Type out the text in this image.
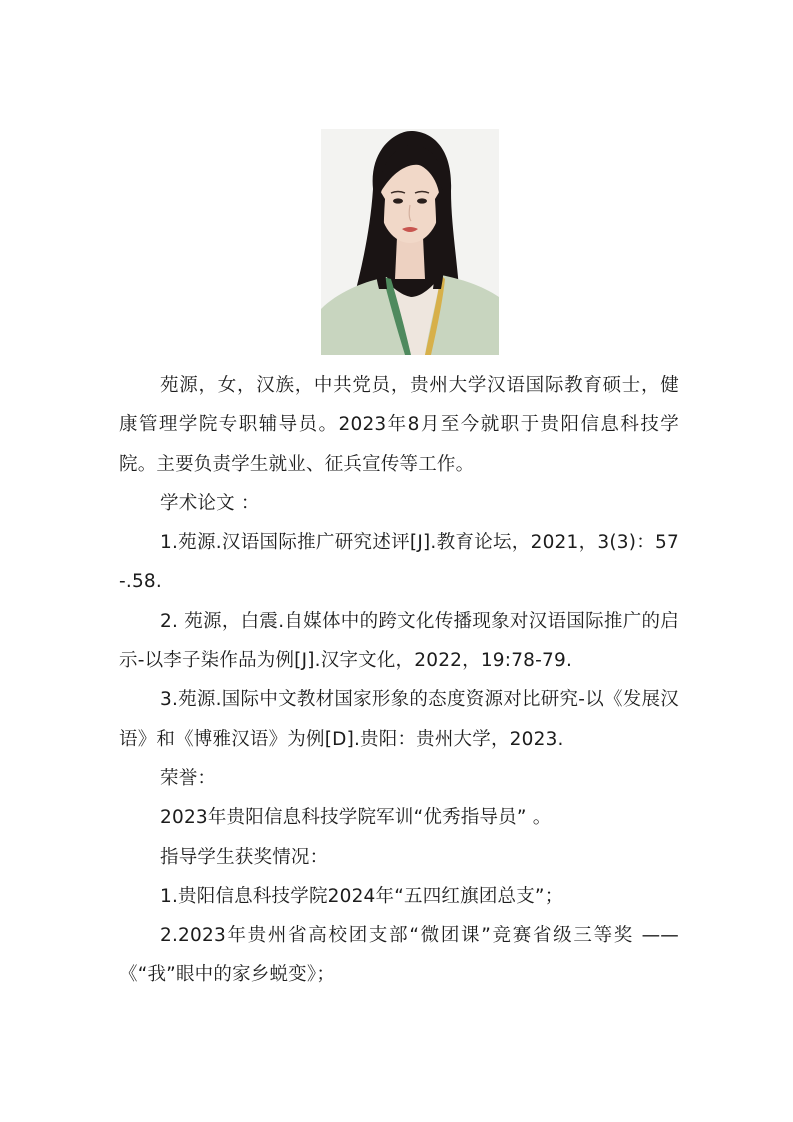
苑源，女，汉族，中共党员，贵州大学汉语国际教育硕士，健康管理学院专职辅导员。2023年8月至今就职于贵阳信息科技学院。主要负责学生就业、征兵宣传等工作。

学术论文 ：

1.苑源.汉语国际推广研究述评[J].教育论坛，2021，3(3)：57-.58.

2. 苑源，白震.自媒体中的跨文化传播现象对汉语国际推广的启示-以李子柒作品为例[J].汉字文化，2022，19:78-79.

3.苑源.国际中文教材国家形象的态度资源对比研究-以《发展汉语》和《博雅汉语》为例[D].贵阳：贵州大学，2023.

荣誉：

2023年贵阳信息科技学院军训“优秀指导员” 。

指导学生获奖情况：

1.贵阳信息科技学院2024年“五四红旗团总支”；

2.2023年贵州省高校团支部“微团课”竞赛省级三等奖 ——《“我”眼中的家乡蜕变》；
